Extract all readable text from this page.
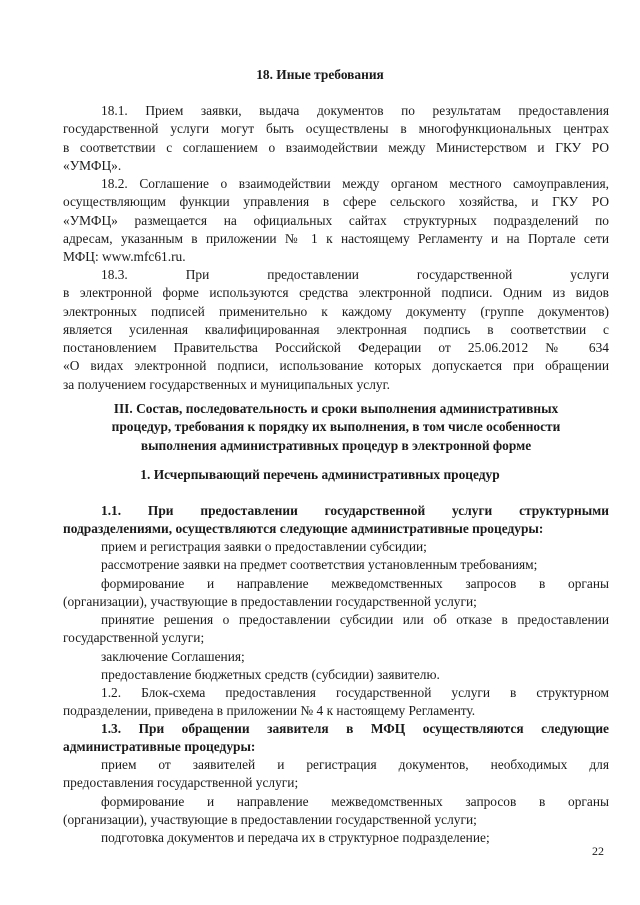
18. Иные требования
18.1. Прием заявки, выдача документов по результатам предоставления
государственной услуги могут быть осуществлены в многофункциональных центрах
в соответствии с соглашением о взаимодействии между Министерством и ГКУ РО
«УМФЦ».
18.2. Соглашение о взаимодействии между органом местного самоуправления,
осуществляющим функции управления в сфере сельского хозяйства, и ГКУ РО
«УМФЦ» размещается на официальных сайтах структурных подразделений по
адресам, указанным в приложении № 1 к настоящему Регламенту и на Портале сети
МФЦ: www.mfc61.ru.
18.3. При предоставлении государственной услуги
в электронной форме используются средства электронной подписи. Одним из видов
электронных подписей применительно к каждому документу (группе документов)
является усиленная квалифицированная электронная подпись в соответствии с
постановлением Правительства Российской Федерации от 25.06.2012 № 634
«О видах электронной подписи, использование которых допускается при обращении
за получением государственных и муниципальных услуг.
III. Состав, последовательность и сроки выполнения административных
процедур, требования к порядку их выполнения, в том числе особенности
выполнения административных процедур в электронной форме
1. Исчерпывающий перечень административных процедур
1.1. При предоставлении государственной услуги структурными
подразделениями, осуществляются следующие административные процедуры:
прием и регистрация заявки о предоставлении субсидии;
рассмотрение заявки на предмет соответствия установленным требованиям;
формирование и направление межведомственных запросов в органы
(организации), участвующие в предоставлении государственной услуги;
принятие решения о предоставлении субсидии или об отказе в предоставлении
государственной услуги;
заключение Соглашения;
предоставление бюджетных средств (субсидии) заявителю.
1.2. Блок-схема предоставления государственной услуги в структурном
подразделении, приведена в приложении № 4 к настоящему Регламенту.
1.3. При обращении заявителя в МФЦ осуществляются следующие
административные процедуры:
прием от заявителей и регистрация документов, необходимых для
предоставления государственной услуги;
формирование и направление межведомственных запросов в органы
(организации), участвующие в предоставлении государственной услуги;
подготовка документов и передача их в структурное подразделение;
22
